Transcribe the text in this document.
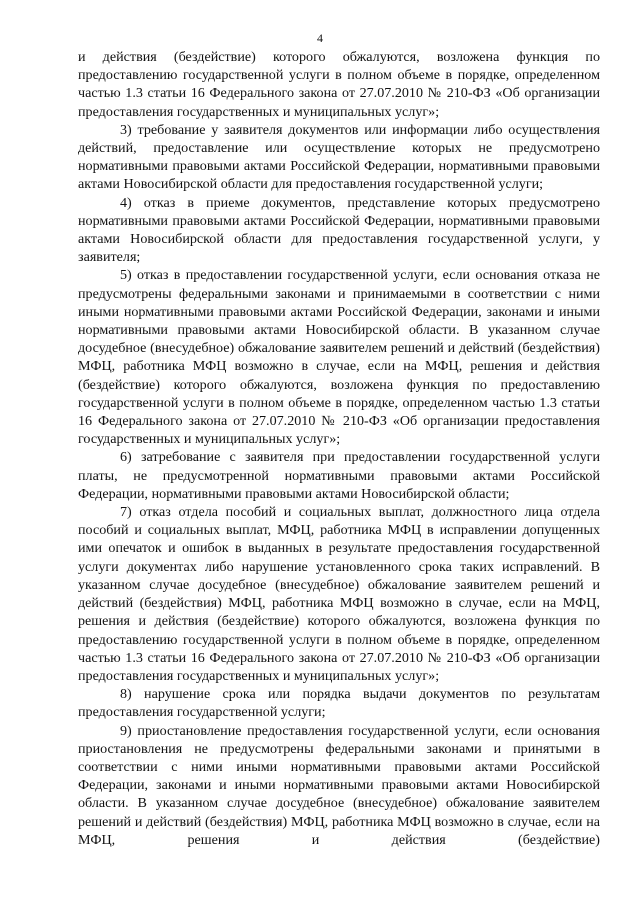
4

и действия (бездействие) которого обжалуются, возложена функция по предоставлению государственной услуги в полном объеме в порядке, определенном частью 1.3 статьи 16 Федерального закона от 27.07.2010 № 210-ФЗ «Об организации предоставления государственных и муниципальных услуг»;

3) требование у заявителя документов или информации либо осуществления действий, предоставление или осуществление которых не предусмотрено нормативными правовыми актами Российской Федерации, нормативными правовыми актами Новосибирской области для предоставления государственной услуги;

4) отказ в приеме документов, представление которых предусмотрено нормативными правовыми актами Российской Федерации, нормативными правовыми актами Новосибирской области для предоставления государственной услуги, у заявителя;

5) отказ в предоставлении государственной услуги, если основания отказа не предусмотрены федеральными законами и принимаемыми в соответствии с ними иными нормативными правовыми актами Российской Федерации, законами и иными нормативными правовыми актами Новосибирской области. В указанном случае досудебное (внесудебное) обжалование заявителем решений и действий (бездействия) МФЦ, работника МФЦ возможно в случае, если на МФЦ, решения и действия (бездействие) которого обжалуются, возложена функция по предоставлению государственной услуги в полном объеме в порядке, определенном частью 1.3 статьи 16 Федерального закона от 27.07.2010 № 210-ФЗ «Об организации предоставления государственных и муниципальных услуг»;

6) затребование с заявителя при предоставлении государственной услуги платы, не предусмотренной нормативными правовыми актами Российской Федерации, нормативными правовыми актами Новосибирской области;

7) отказ отдела пособий и социальных выплат, должностного лица отдела пособий и социальных выплат, МФЦ, работника МФЦ в исправлении допущенных ими опечаток и ошибок в выданных в результате предоставления государственной услуги документах либо нарушение установленного срока таких исправлений. В указанном случае досудебное (внесудебное) обжалование заявителем решений и действий (бездействия) МФЦ, работника МФЦ возможно в случае, если на МФЦ, решения и действия (бездействие) которого обжалуются, возложена функция по предоставлению государственной услуги в полном объеме в порядке, определенном частью 1.3 статьи 16 Федерального закона от 27.07.2010 № 210-ФЗ «Об организации предоставления государственных и муниципальных услуг»;

8) нарушение срока или порядка выдачи документов по результатам предоставления государственной услуги;

9) приостановление предоставления государственной услуги, если основания приостановления не предусмотрены федеральными законами и принятыми в соответствии с ними иными нормативными правовыми актами Российской Федерации, законами и иными нормативными правовыми актами Новосибирской области. В указанном случае досудебное (внесудебное) обжалование заявителем решений и действий (бездействия) МФЦ, работника МФЦ возможно в случае, если на МФЦ, решения и действия (бездействие)
